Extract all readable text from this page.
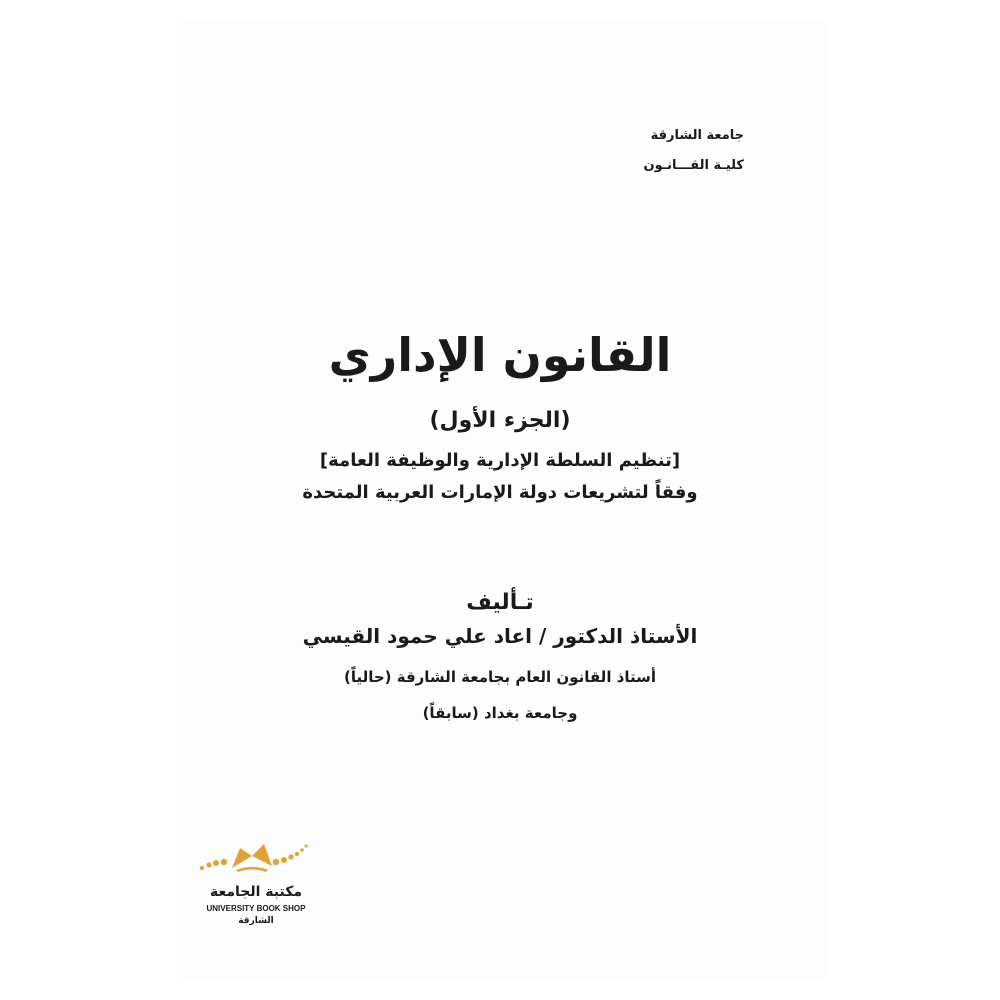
جامعة الشارقة
كليـة القـــانـون
القانون الإداري
(الجزء الأول)
[تنظيم السلطة الإدارية والوظيفة العامة]
وفقاً لتشريعات دولة الإمارات العربية المتحدة
تـأليف
الأستاذ الدكتور / اعاد علي حمود القيسي
أستاذ القانون العام بجامعة الشارقة (حالياً)
وجامعة بغداد (سابقاً)
مكتبة الجامعة
UNIVERSITY BOOK SHOP
الشارقة
